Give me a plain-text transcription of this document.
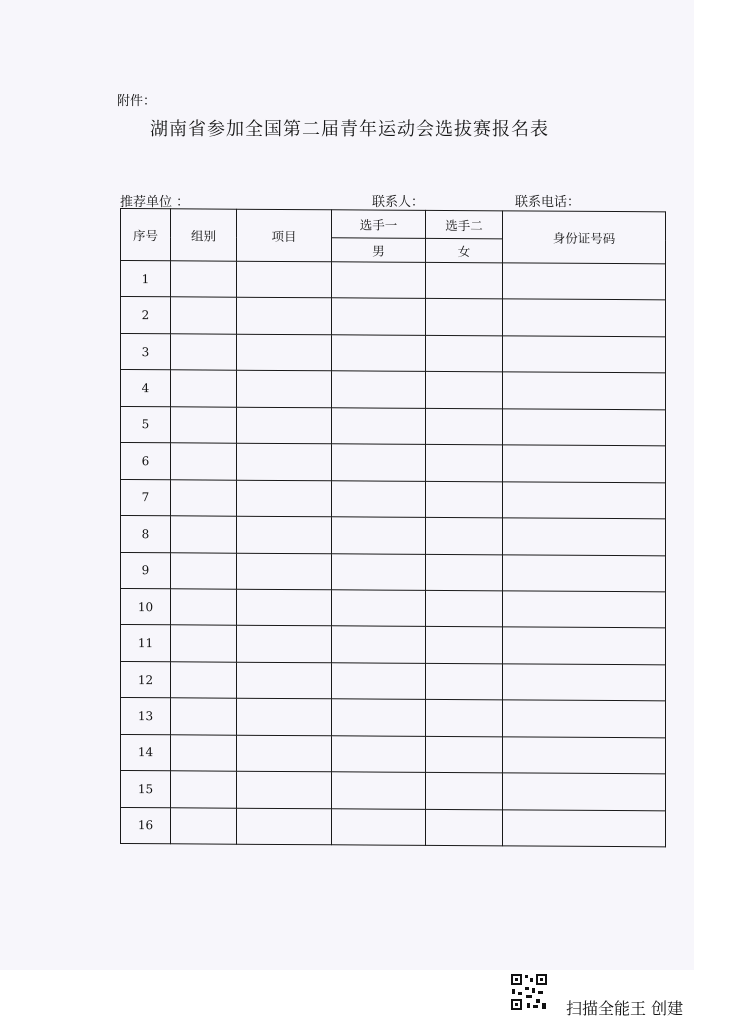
附件：
湖南省参加全国第二届青年运动会选拔赛报名表
推荐单位 ：	联系人：	联系电话：
序号	组别	项目	选手一	选手二	身份证号码
			男	女	
1					
2					
3					
4					
5					
6					
7					
8					
9					
10					
11					
12					
13					
14					
15					
16					
扫描全能王 创建
